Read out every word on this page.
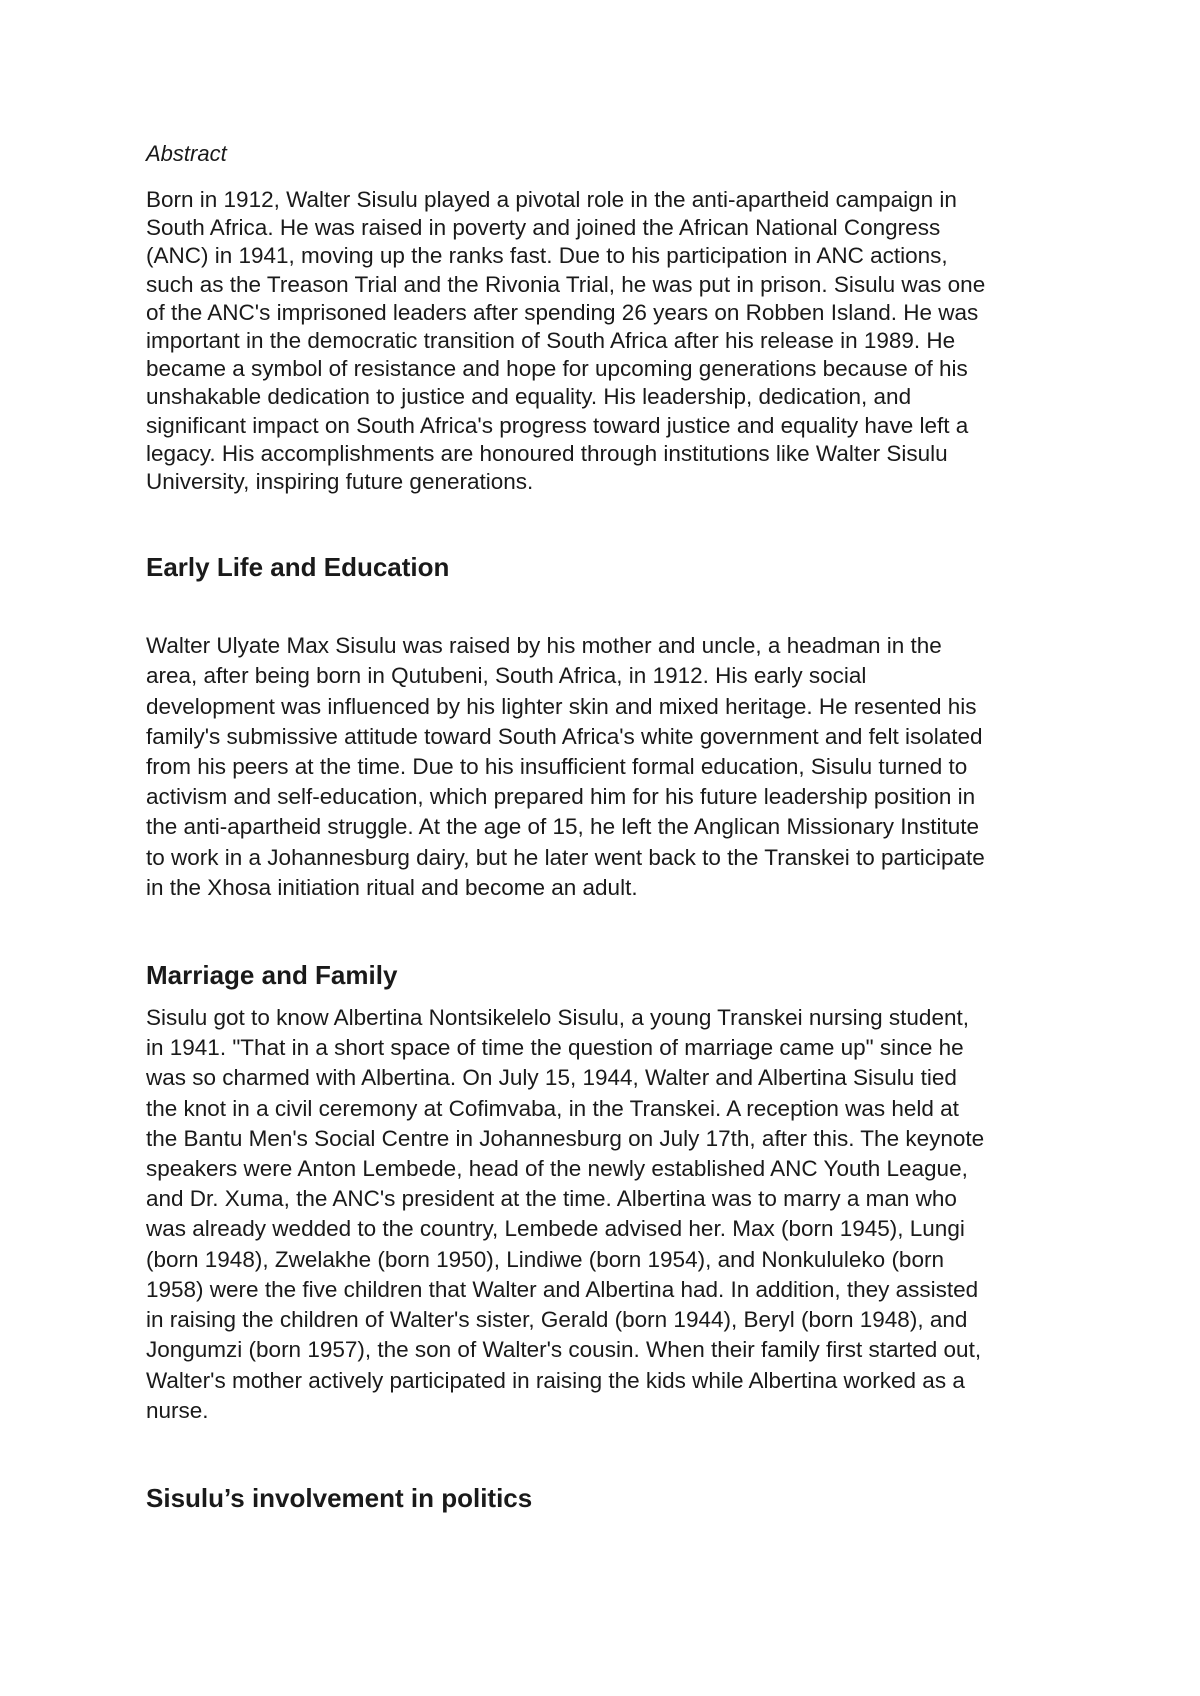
Abstract

Born in 1912, Walter Sisulu played a pivotal role in the anti-apartheid campaign in
South Africa. He was raised in poverty and joined the African National Congress
(ANC) in 1941, moving up the ranks fast. Due to his participation in ANC actions,
such as the Treason Trial and the Rivonia Trial, he was put in prison. Sisulu was one
of the ANC's imprisoned leaders after spending 26 years on Robben Island. He was
important in the democratic transition of South Africa after his release in 1989. He
became a symbol of resistance and hope for upcoming generations because of his
unshakable dedication to justice and equality. His leadership, dedication, and
significant impact on South Africa's progress toward justice and equality have left a
legacy. His accomplishments are honoured through institutions like Walter Sisulu
University, inspiring future generations.

Early Life and Education

Walter Ulyate Max Sisulu was raised by his mother and uncle, a headman in the
area, after being born in Qutubeni, South Africa, in 1912. His early social
development was influenced by his lighter skin and mixed heritage. He resented his
family's submissive attitude toward South Africa's white government and felt isolated
from his peers at the time. Due to his insufficient formal education, Sisulu turned to
activism and self-education, which prepared him for his future leadership position in
the anti-apartheid struggle. At the age of 15, he left the Anglican Missionary Institute
to work in a Johannesburg dairy, but he later went back to the Transkei to participate
in the Xhosa initiation ritual and become an adult.

Marriage and Family

Sisulu got to know Albertina Nontsikelelo Sisulu, a young Transkei nursing student,
in 1941. "That in a short space of time the question of marriage came up" since he
was so charmed with Albertina. On July 15, 1944, Walter and Albertina Sisulu tied
the knot in a civil ceremony at Cofimvaba, in the Transkei. A reception was held at
the Bantu Men's Social Centre in Johannesburg on July 17th, after this. The keynote
speakers were Anton Lembede, head of the newly established ANC Youth League,
and Dr. Xuma, the ANC's president at the time. Albertina was to marry a man who
was already wedded to the country, Lembede advised her. Max (born 1945), Lungi
(born 1948), Zwelakhe (born 1950), Lindiwe (born 1954), and Nonkululeko (born
1958) were the five children that Walter and Albertina had. In addition, they assisted
in raising the children of Walter's sister, Gerald (born 1944), Beryl (born 1948), and
Jongumzi (born 1957), the son of Walter's cousin. When their family first started out,
Walter's mother actively participated in raising the kids while Albertina worked as a
nurse.

Sisulu’s involvement in politics
